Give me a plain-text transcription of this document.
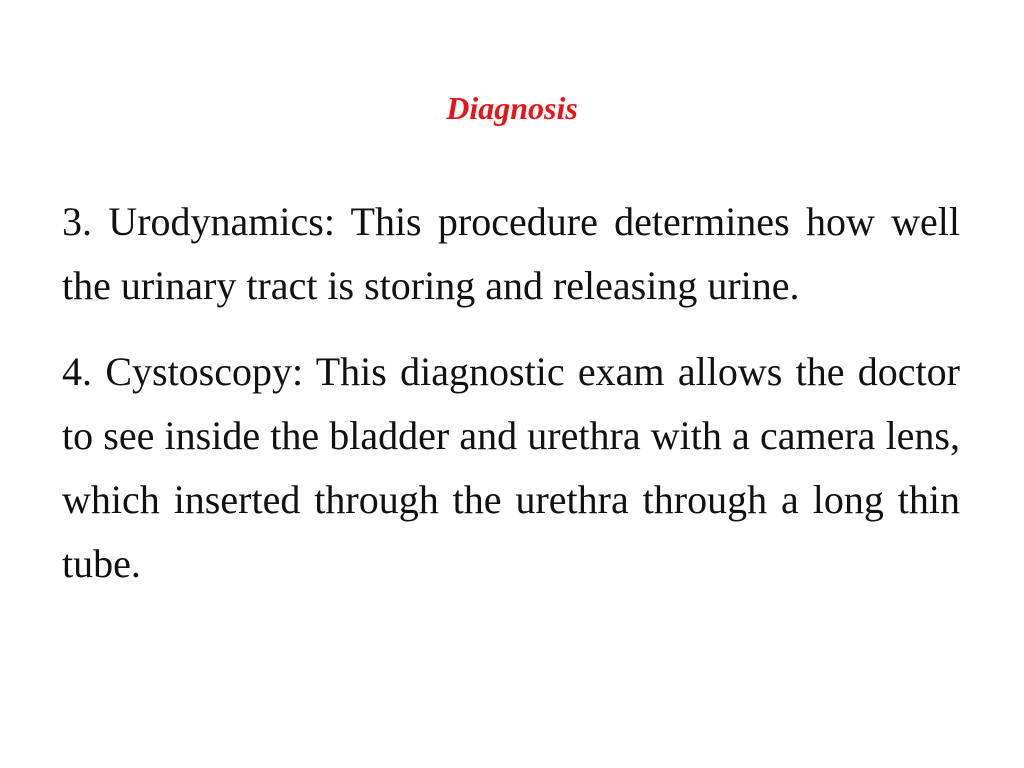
Diagnosis

3. Urodynamics: This procedure determines how well the urinary tract is storing and releasing urine.

4. Cystoscopy: This diagnostic exam allows the doctor to see inside the bladder and urethra with a camera lens, which inserted through the urethra through a long thin tube.
